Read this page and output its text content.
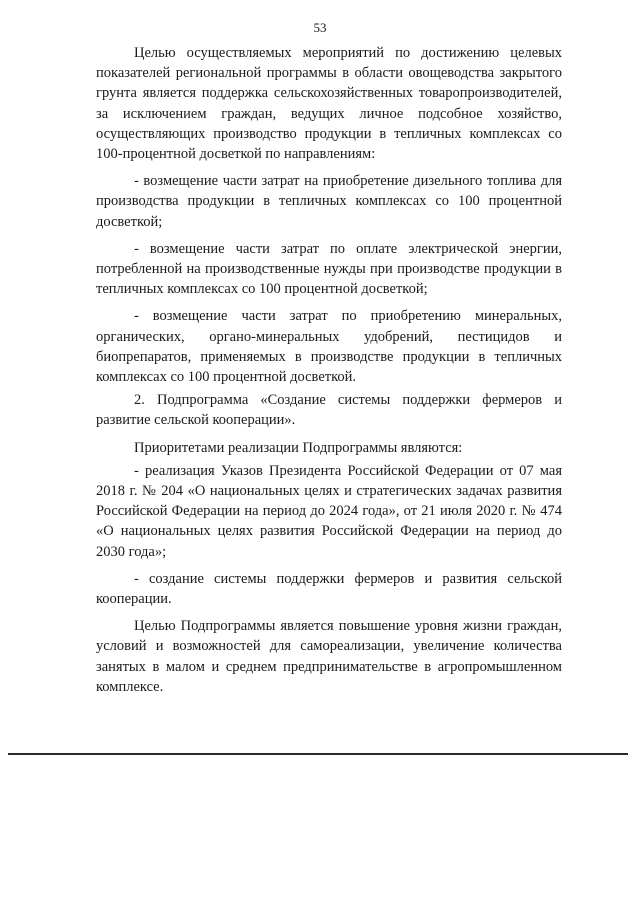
53

Целью осуществляемых мероприятий по достижению целевых показателей региональной программы в области овощеводства закрытого грунта является поддержка сельскохозяйственных товаропроизводителей, за исключением граждан, ведущих личное подсобное хозяйство, осуществляющих производство продукции в тепличных комплексах со 100-процентной досветкой по направлениям:

- возмещение части затрат на приобретение дизельного топлива для производства продукции в тепличных комплексах со 100 процентной досветкой;

- возмещение части затрат по оплате электрической энергии, потребленной на производственные нужды при производстве продукции в тепличных комплексах со 100 процентной досветкой;

- возмещение части затрат по приобретению минеральных, органических, органо-минеральных удобрений, пестицидов и биопрепаратов, применяемых в производстве продукции в тепличных комплексах со 100 процентной досветкой.

2. Подпрограмма «Создание системы поддержки фермеров и развитие сельской кооперации».

Приоритетами реализации Подпрограммы являются:

- реализация Указов Президента Российской Федерации от 07 мая 2018 г. № 204 «О национальных целях и стратегических задачах развития Российской Федерации на период до 2024 года», от 21 июля 2020 г. № 474 «О национальных целях развития Российской Федерации на период до 2030 года»;

- создание системы поддержки фермеров и развития сельской кооперации.

Целью Подпрограммы является повышение уровня жизни граждан, условий и возможностей для самореализации, увеличение количества занятых в малом и среднем предпринимательстве в агропромышленном комплексе.
